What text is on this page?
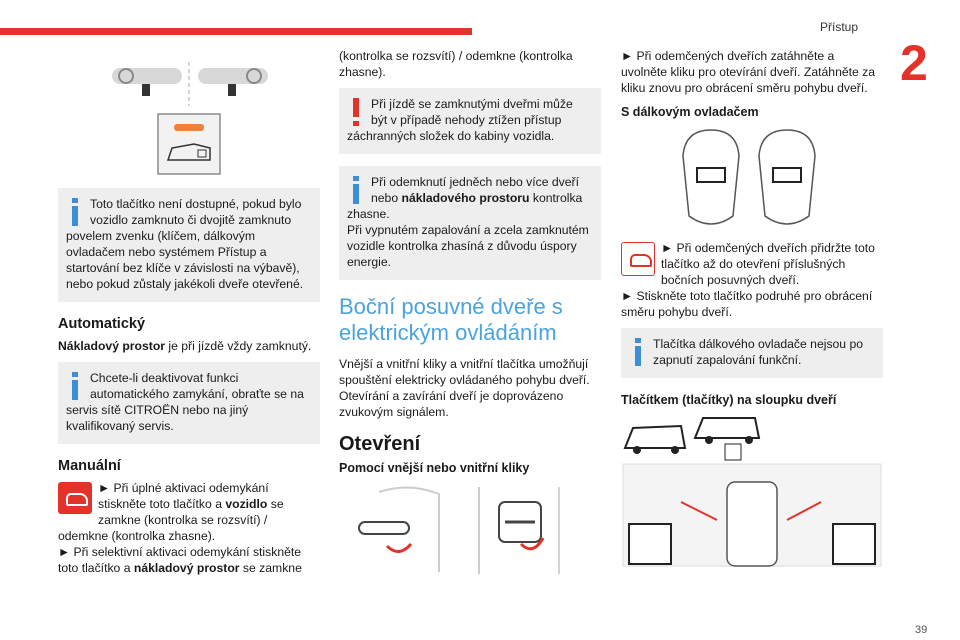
Přístup
2
Toto tlačítko není dostupné, pokud bylo vozidlo zamknuto či dvojitě zamknuto povelem zvenku (klíčem, dálkovým ovladačem nebo systémem Přístup a startování bez klíče v závislosti na výbavě), nebo pokud zůstaly jakékoli dveře otevřené.
Automatický

Nákladový prostor je při jízdě vždy zamknutý.

Chcete-li deaktivovat funkci automatického zamykání, obraťte se na servis sítě CITROËN nebo na jiný kvalifikovaný servis.
Manuální
► Při úplné aktivaci odemykání stiskněte toto tlačítko a vozidlo se zamkne (kontrolka se rozsvítí) / odemkne (kontrolka zhasne).
► Při selektivní aktivaci odemykání stiskněte toto tlačítko a nákladový prostor se zamkne

(kontrolka se rozsvítí) / odemkne (kontrolka zhasne).

Při jízdě se zamknutými dveřmi může být v případě nehody ztížen přístup záchranných složek do kabiny vozidla.
Při odemknutí jedněch nebo více dveří nebo nákladového prostoru kontrolka zhasne.
Při vypnutém zapalování a zcela zamknutém vozidle kontrolka zhasíná z důvodu úspory energie.
Boční posuvné dveře s elektrickým ovládáním

Vnější a vnitřní kliky a vnitřní tlačítka umožňují spouštění elektricky ovládaného pohybu dveří. Otevírání a zavírání dveří je doprovázeno zvukovým signálem.

Otevření
Pomocí vnější nebo vnitřní kliky

► Při odemčených dveřích zatáhněte a uvolněte kliku pro otevírání dveří. Zatáhněte za kliku znovu pro obrácení směru pohybu dveří.

S dálkovým ovladačem
► Při odemčených dveřích přidržte toto tlačítko až do otevření příslušných bočních posuvných dveří.
► Stiskněte toto tlačítko podruhé pro obrácení směru pohybu dveří.
Tlačítka dálkového ovladače nejsou po zapnutí zapalování funkční.
Tlačítkem (tlačítky) na sloupku dveří
39
